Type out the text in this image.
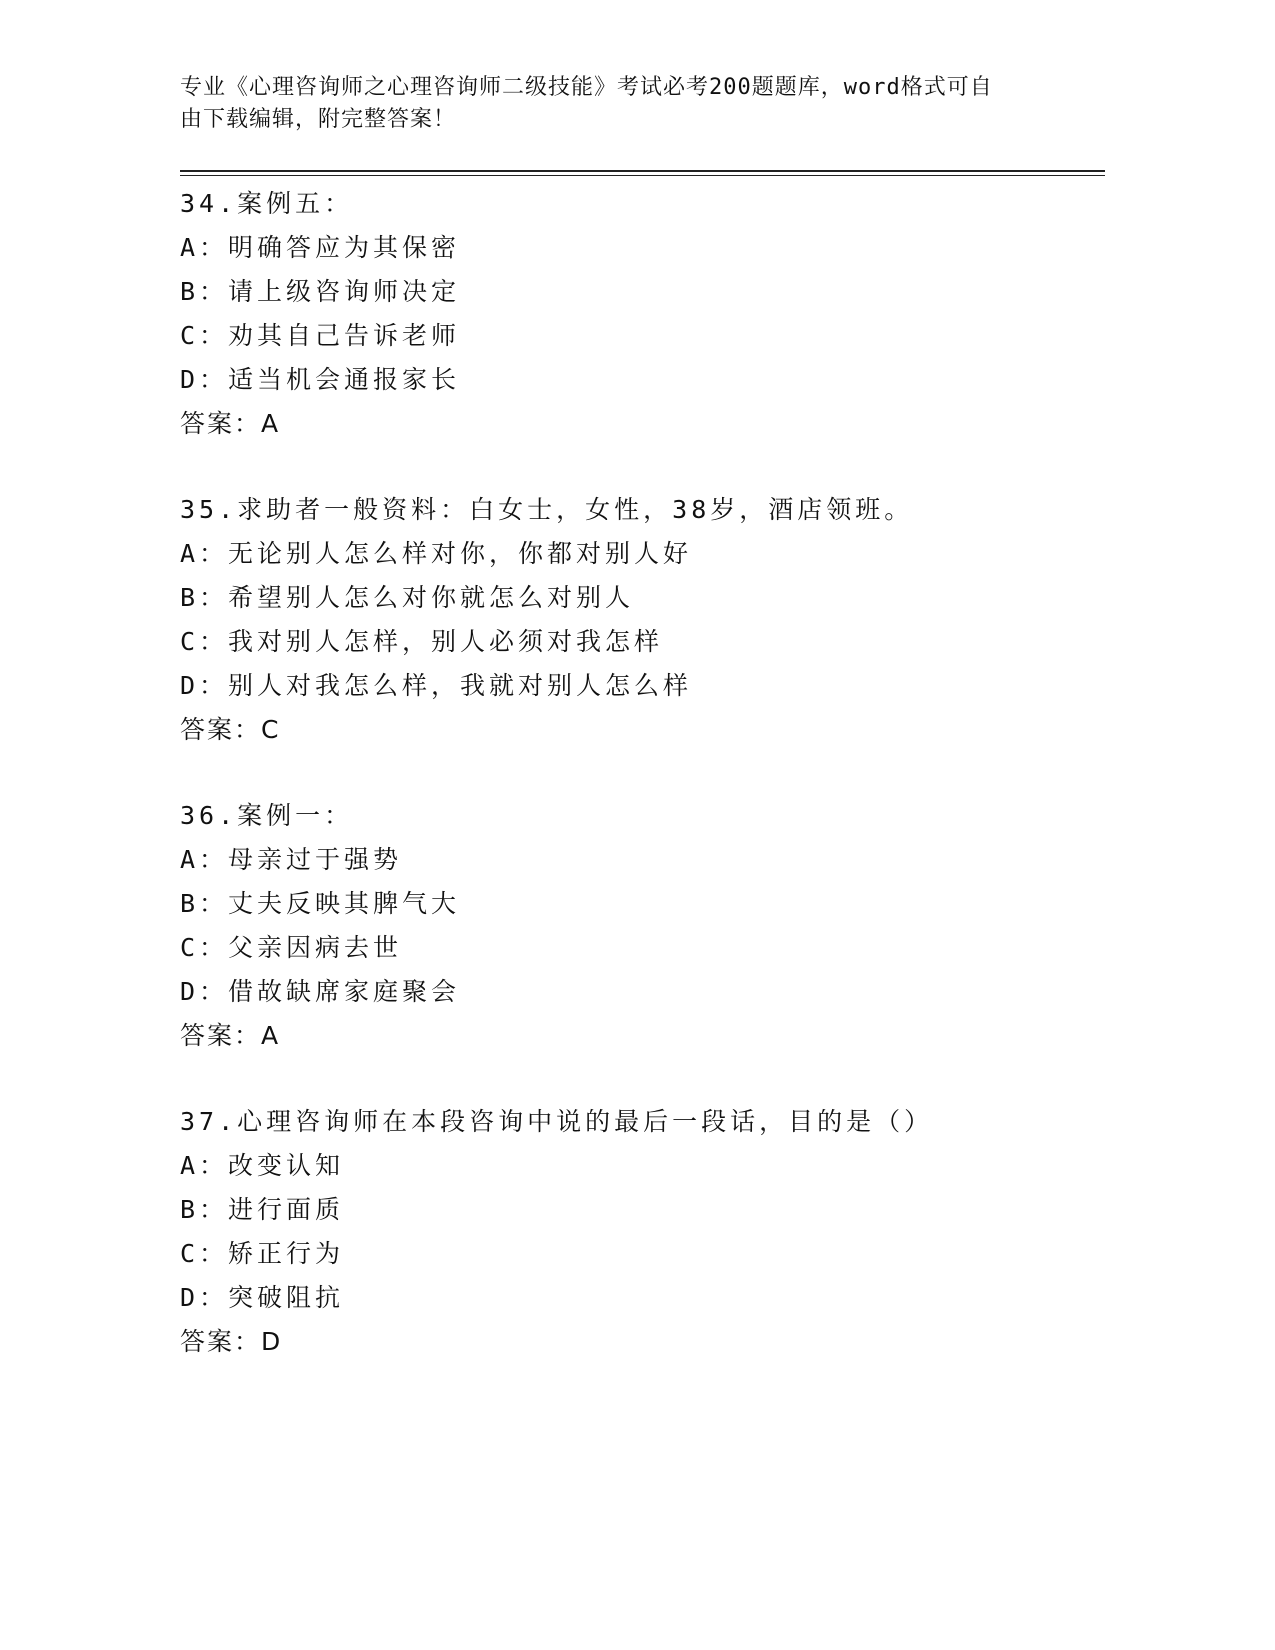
专业《心理咨询师之心理咨询师二级技能》考试必考200题题库，word格式可自
由下载编辑，附完整答案！
34.案例五：
A：明确答应为其保密
B：请上级咨询师决定
C：劝其自己告诉老师
D：适当机会通报家长
答案：A
35.求助者一般资料：白女士，女性，38岁，酒店领班。
A：无论别人怎么样对你，你都对别人好
B：希望别人怎么对你就怎么对别人
C：我对别人怎样，别人必须对我怎样
D：别人对我怎么样，我就对别人怎么样
答案：C
36.案例一：
A：母亲过于强势
B：丈夫反映其脾气大
C：父亲因病去世
D：借故缺席家庭聚会
答案：A
37.心理咨询师在本段咨询中说的最后一段话，目的是（）
A：改变认知
B：进行面质
C：矫正行为
D：突破阻抗
答案：D
